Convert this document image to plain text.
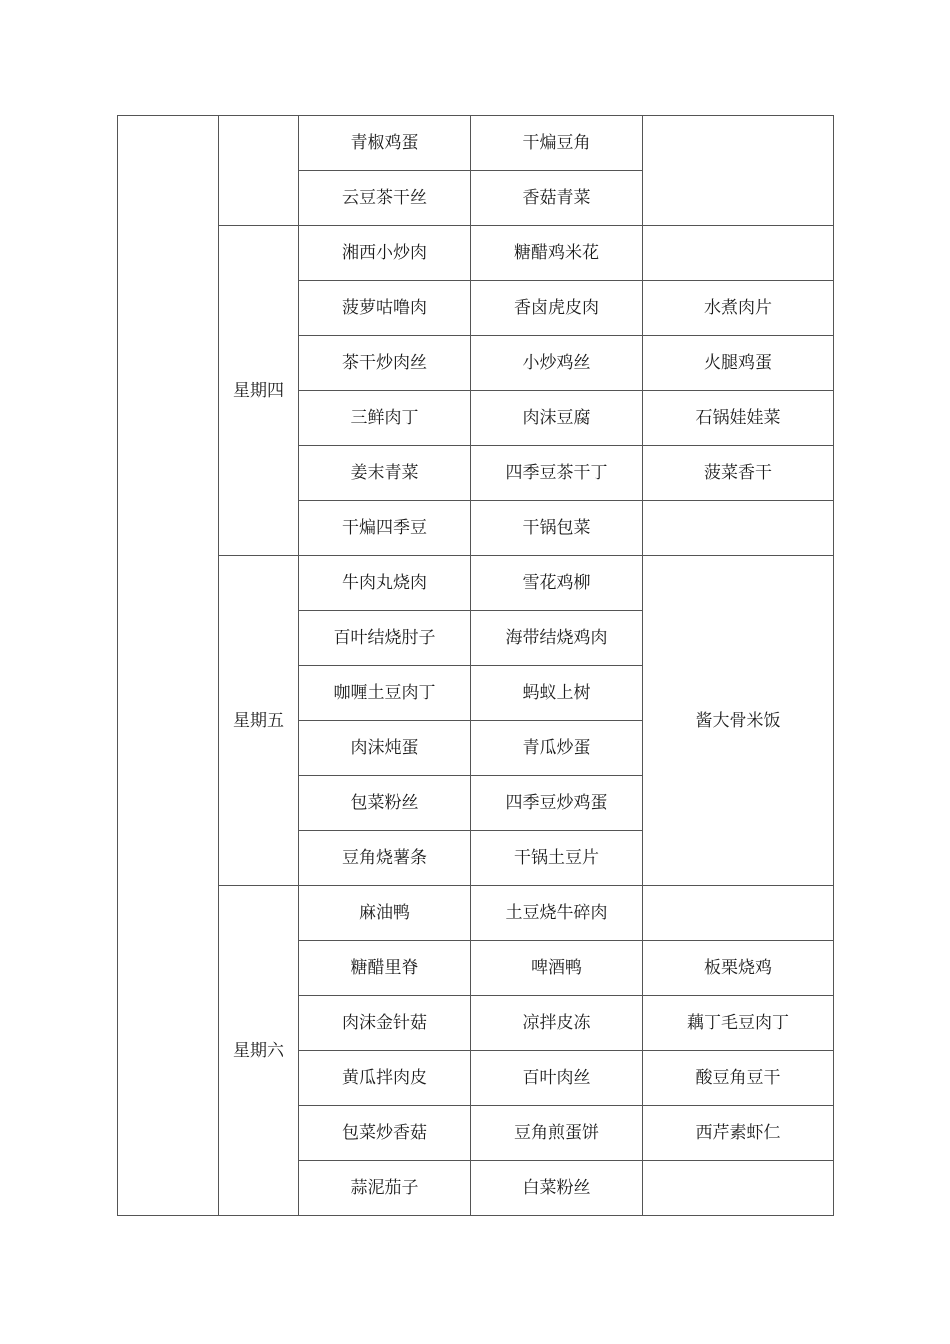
		青椒鸡蛋	干煸豆角	
		云豆茶干丝	香菇青菜	
	星期四	湘西小炒肉	糖醋鸡米花	
		菠萝咕噜肉	香卤虎皮肉	水煮肉片
		茶干炒肉丝	小炒鸡丝	火腿鸡蛋
		三鲜肉丁	肉沫豆腐	石锅娃娃菜
		姜末青菜	四季豆茶干丁	菠菜香干
		干煸四季豆	干锅包菜	
	星期五	牛肉丸烧肉	雪花鸡柳	酱大骨米饭
		百叶结烧肘子	海带结烧鸡肉	
		咖喱土豆肉丁	蚂蚁上树	
		肉沫炖蛋	青瓜炒蛋	
		包菜粉丝	四季豆炒鸡蛋	
		豆角烧薯条	干锅土豆片	
	星期六	麻油鸭	土豆烧牛碎肉	
		糖醋里脊	啤酒鸭	板栗烧鸡
		肉沫金针菇	凉拌皮冻	藕丁毛豆肉丁
		黄瓜拌肉皮	百叶肉丝	酸豆角豆干
		包菜炒香菇	豆角煎蛋饼	西芹素虾仁
		蒜泥茄子	白菜粉丝	
